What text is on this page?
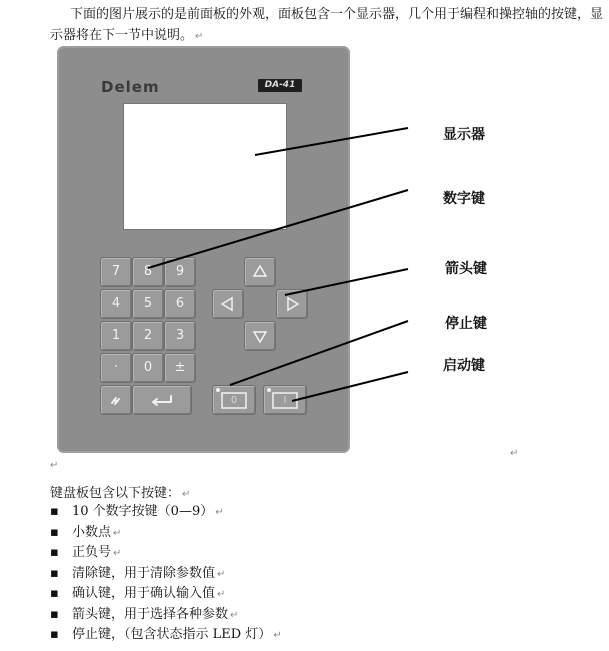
下面的图片展示的是前面板的外观，面板包含一个显示器，几个用于编程和操控轴的按键，显示器将在下一节中说明。 ↵

Delem	DA-41
7	8	9
4	5	6
1	2	3
·	0	±
0	I
显示器
数字键
箭头键
停止键
启动键
↵
↵

键盘板包含以下按键： ↵

▪ 10 个数字按键（0—9） ↵
▪ 小数点 ↵
▪ 正负号 ↵
▪ 清除键，用于清除参数值 ↵
▪ 确认键，用于确认输入值 ↵
▪ 箭头键，用于选择各种参数 ↵
▪ 停止键，（包含状态指示 LED 灯） ↵
